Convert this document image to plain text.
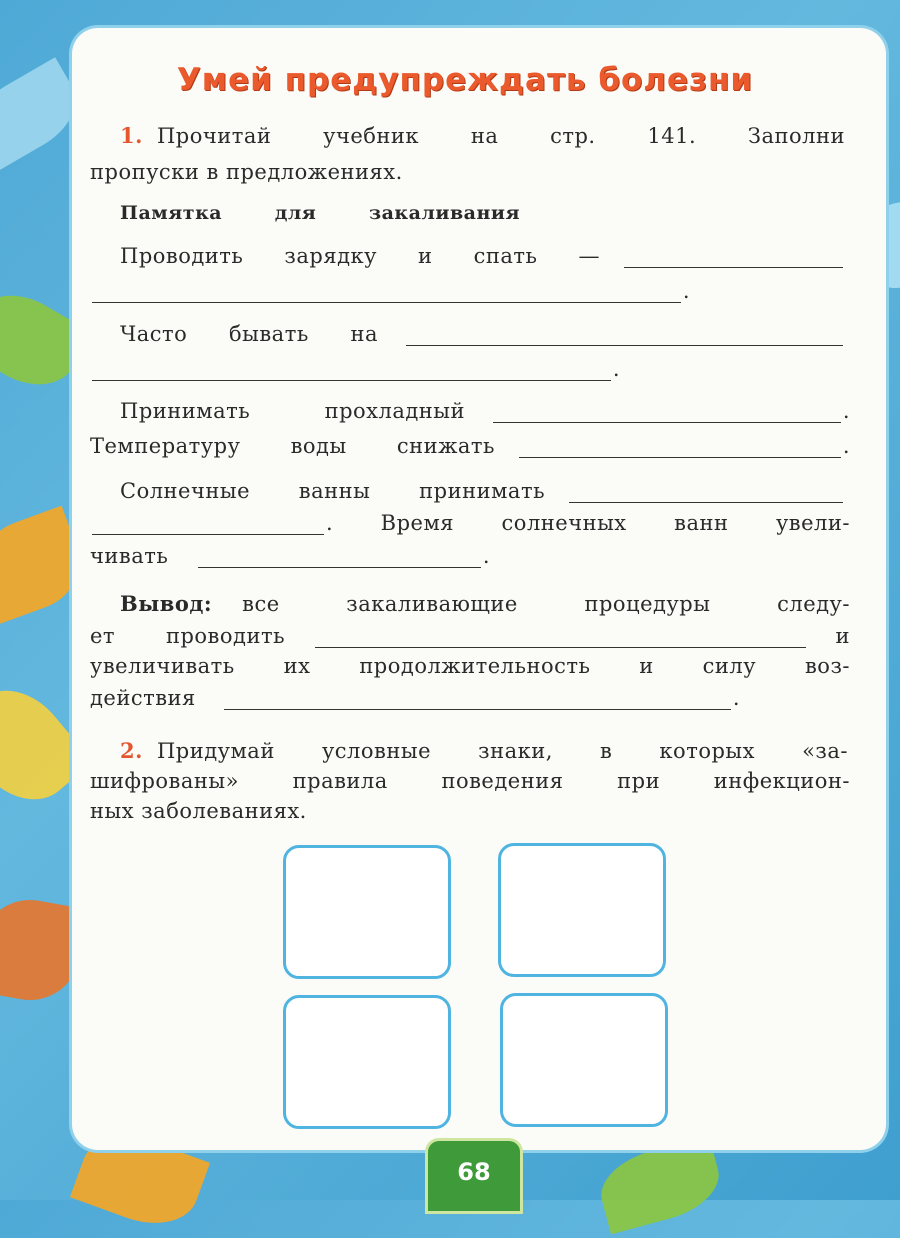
Умей предупреждать болезни
1. Прочитай учебник на стр. 141. Заполни
пропуски в предложениях.
Памятка для закаливания
Проводить зарядку и спать —
.
Часто бывать на
.
Принимать прохладный	.
Температуру воды снижать	.
Солнечные ванны принимать
. Время солнечных ванн увели-
чивать	.
Вывод: все закаливающие процедуры следу-
ет проводить	и
увеличивать их продолжительность и силу воз-
действия	.
2. Придумай условные знаки, в которых «за-
шифрованы» правила поведения при инфекцион-
ных заболеваниях.
68
